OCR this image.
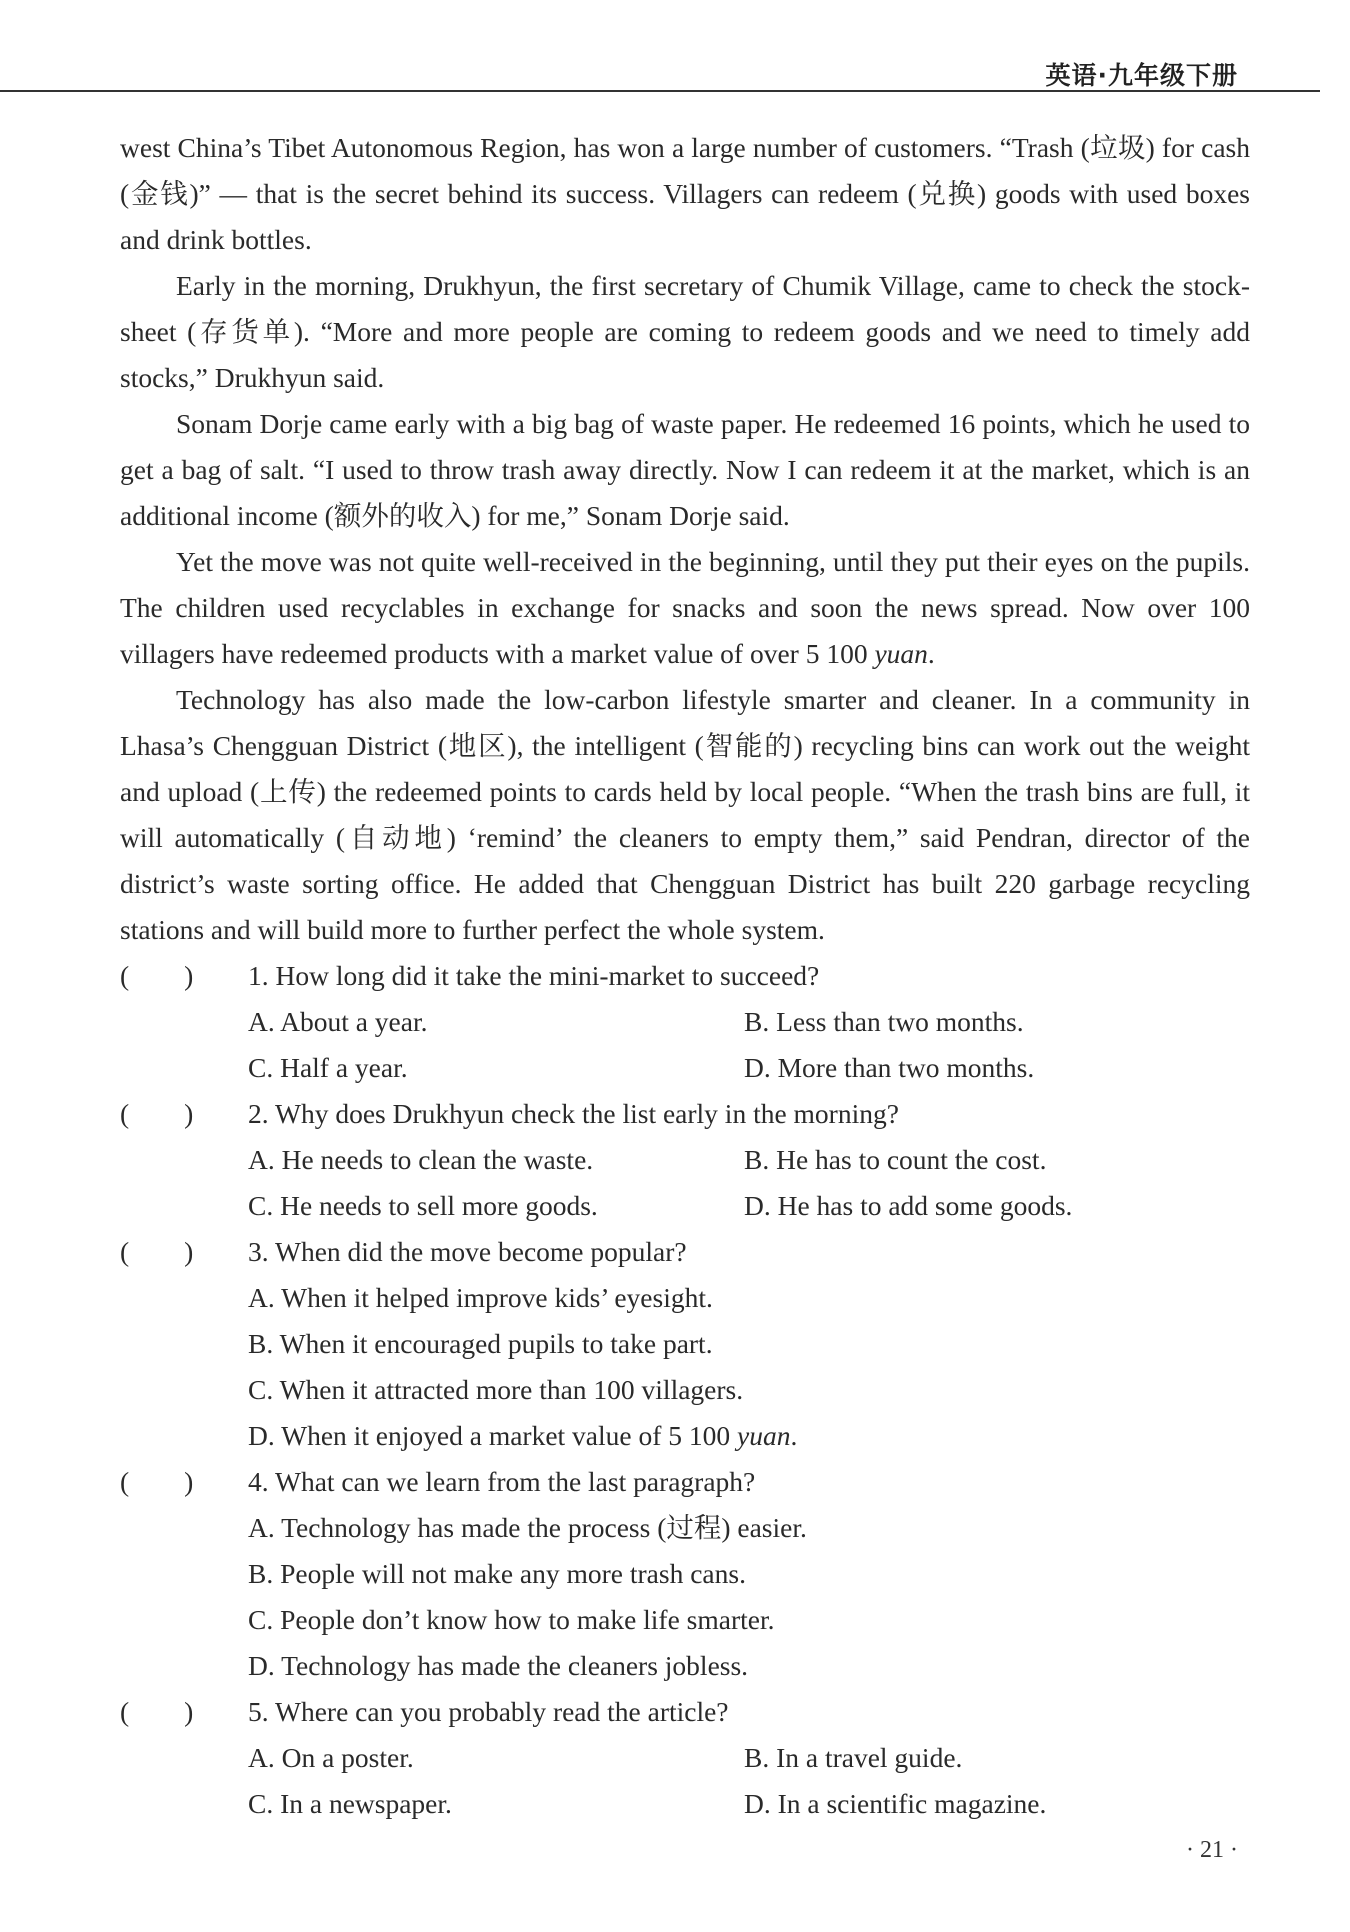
英语·九年级下册

west China’s Tibet Autonomous Region, has won a large number of customers. “Trash (垃圾) for cash (金钱)” — that is the secret behind its success. Villagers can redeem (兑换) goods with used boxes and drink bottles.

Early in the morning, Drukhyun, the first secretary of Chumik Village, came to check the stock-sheet (存货单). “More and more people are coming to redeem goods and we need to timely add stocks,” Drukhyun said.

Sonam Dorje came early with a big bag of waste paper. He redeemed 16 points, which he used to get a bag of salt. “I used to throw trash away directly. Now I can redeem it at the market, which is an additional income (额外的收入) for me,” Sonam Dorje said.

Yet the move was not quite well-received in the beginning, until they put their eyes on the pupils. The children used recyclables in exchange for snacks and soon the news spread. Now over 100 villagers have redeemed products with a market value of over 5 100 yuan.

Technology has also made the low-carbon lifestyle smarter and cleaner. In a community in Lhasa’s Chengguan District (地区), the intelligent (智能的) recycling bins can work out the weight and upload (上传) the redeemed points to cards held by local people. “When the trash bins are full, it will automatically (自动地) ‘remind’ the cleaners to empty them,” said Pendran, director of the district’s waste sorting office. He added that Chengguan District has built 220 garbage recycling stations and will build more to further perfect the whole system.

(　　)	1. How long did it take the mini-market to succeed?
A. About a year.	B. Less than two months.
C. Half a year.	D. More than two months.
(　　)	2. Why does Drukhyun check the list early in the morning?
A. He needs to clean the waste.	B. He has to count the cost.
C. He needs to sell more goods.	D. He has to add some goods.
(　　)	3. When did the move become popular?
A. When it helped improve kids’ eyesight.
B. When it encouraged pupils to take part.
C. When it attracted more than 100 villagers.
D. When it enjoyed a market value of 5 100 yuan.
(　　)	4. What can we learn from the last paragraph?
A. Technology has made the process (过程) easier.
B. People will not make any more trash cans.
C. People don’t know how to make life smarter.
D. Technology has made the cleaners jobless.
(　　)	5. Where can you probably read the article?
A. On a poster.	B. In a travel guide.
C. In a newspaper.	D. In a scientific magazine.
· 21 ·
